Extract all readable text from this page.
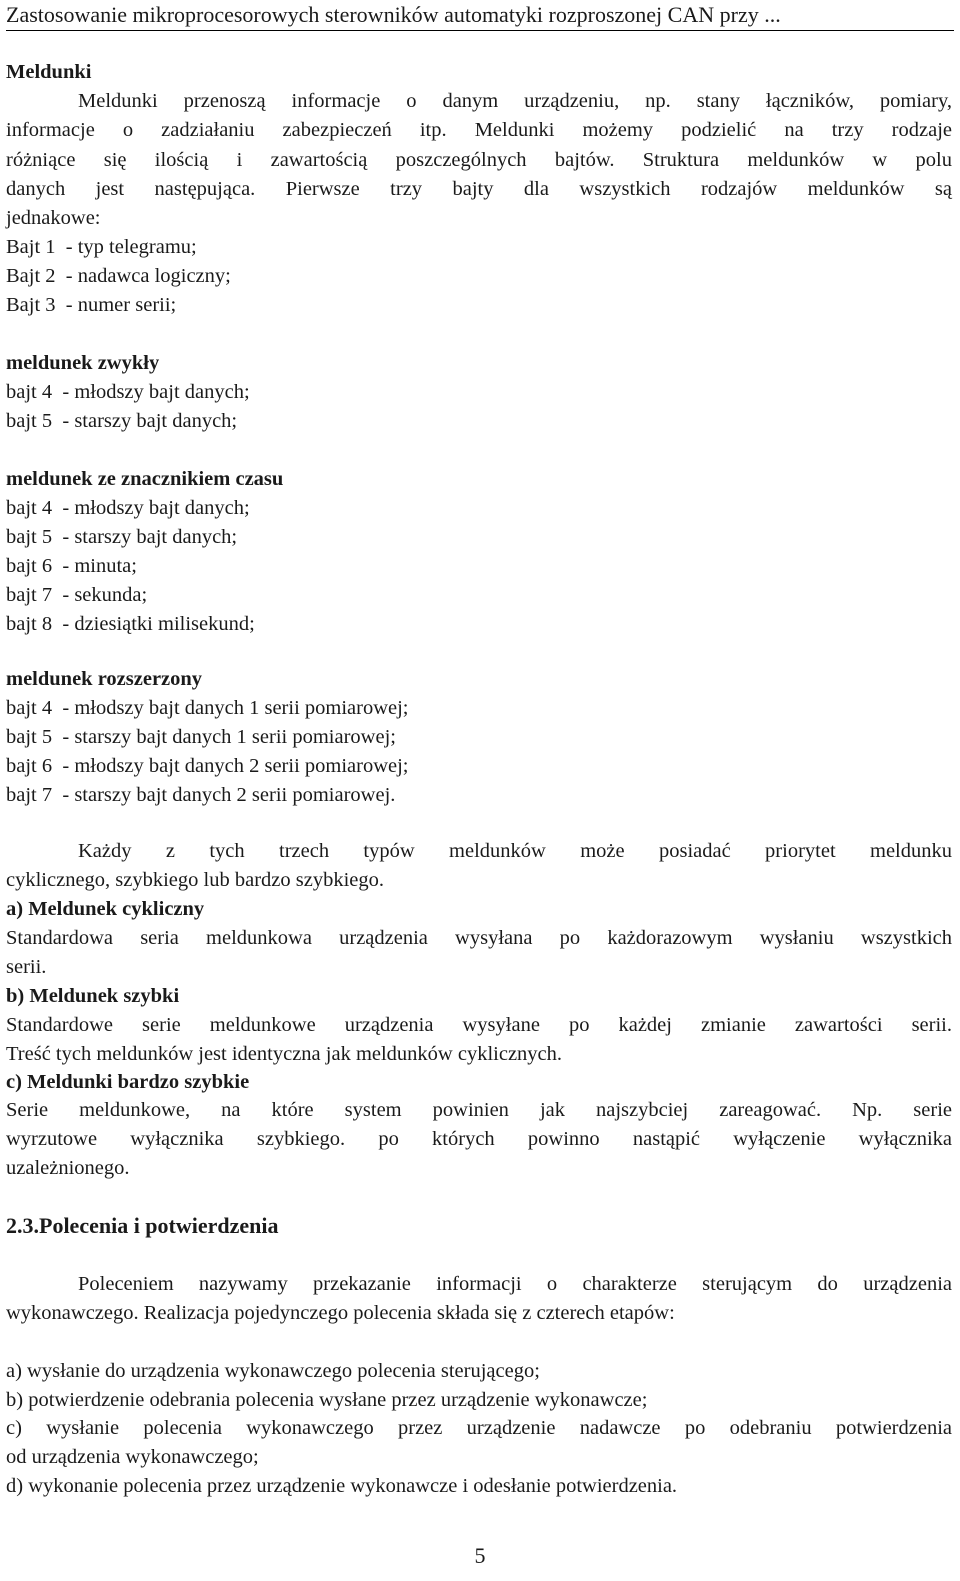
Zastosowanie mikroprocesorowych sterowników automatyki rozproszonej CAN przy ...
Meldunki
Meldunki przenoszą informacje o danym urządzeniu, np. stany łączników, pomiary,
informacje o zadziałaniu zabezpieczeń itp. Meldunki możemy podzielić na trzy rodzaje
różniące się ilością i zawartością poszczególnych bajtów. Struktura meldunków w polu
danych jest następująca. Pierwsze trzy bajty dla wszystkich rodzajów meldunków są
jednakowe:
Bajt 1  - typ telegramu;
Bajt 2  - nadawca logiczny;
Bajt 3  - numer serii;
meldunek zwykły
bajt 4  - młodszy bajt danych;
bajt 5  - starszy bajt danych;
meldunek ze znacznikiem czasu
bajt 4  - młodszy bajt danych;
bajt 5  - starszy bajt danych;
bajt 6  - minuta;
bajt 7  - sekunda;
bajt 8  - dziesiątki milisekund;
meldunek rozszerzony
bajt 4  - młodszy bajt danych 1 serii pomiarowej;
bajt 5  - starszy bajt danych 1 serii pomiarowej;
bajt 6  - młodszy bajt danych 2 serii pomiarowej;
bajt 7  - starszy bajt danych 2 serii pomiarowej.
Każdy z tych trzech typów meldunków może posiadać priorytet meldunku
cyklicznego, szybkiego lub bardzo szybkiego.
a) Meldunek cykliczny
Standardowa seria meldunkowa urządzenia wysyłana po każdorazowym wysłaniu wszystkich
serii.
b) Meldunek szybki
Standardowe serie meldunkowe urządzenia wysyłane po każdej zmianie zawartości serii.
Treść tych meldunków jest identyczna jak meldunków cyklicznych.
c) Meldunki bardzo szybkie
Serie meldunkowe, na które system powinien jak najszybciej zareagować. Np. serie
wyrzutowe wyłącznika szybkiego. po których powinno nastąpić wyłączenie wyłącznika
uzależnionego.
2.3.Polecenia i potwierdzenia
Poleceniem nazywamy przekazanie informacji o charakterze sterującym do urządzenia
wykonawczego. Realizacja pojedynczego polecenia składa się z czterech etapów:
a) wysłanie do urządzenia wykonawczego polecenia sterującego;
b) potwierdzenie odebrania polecenia wysłane przez urządzenie wykonawcze;
c) wysłanie polecenia wykonawczego przez urządzenie nadawcze po odebraniu potwierdzenia
od urządzenia wykonawczego;
d) wykonanie polecenia przez urządzenie wykonawcze i odesłanie potwierdzenia.
5
